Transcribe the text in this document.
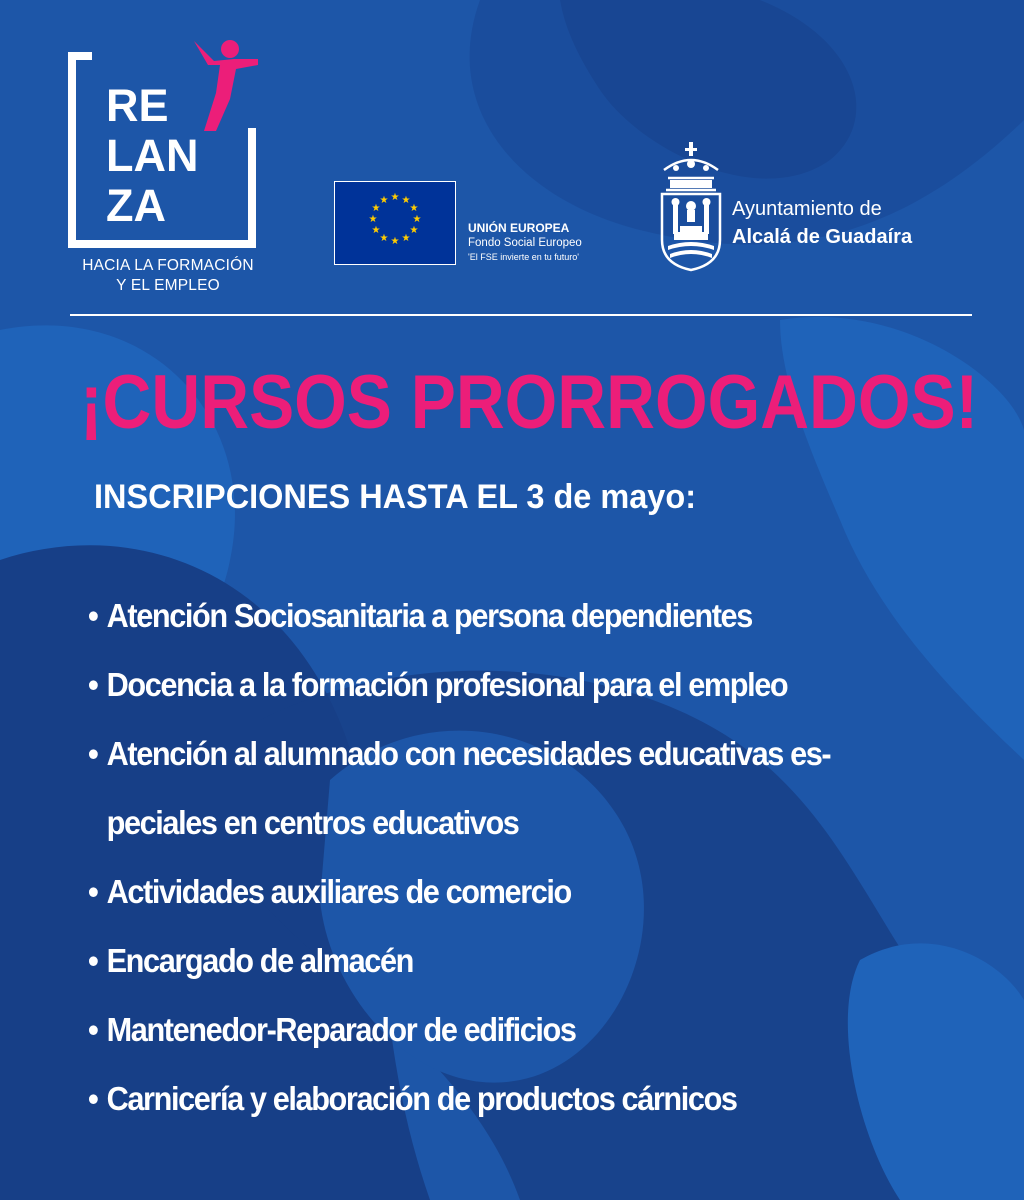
RE
LAN
ZA
HACIA LA FORMACIÓN
Y EL EMPLEO
★ ★
★
★
★
★
★
★
★
★
★
★
UNIÓN EUROPEA
Fondo Social Europeo
'El FSE invierte en tu futuro'
Ayuntamiento de
Alcalá de Guadaíra
¡CURSOS PRORROGADOS!
INSCRIPCIONES HASTA EL 3 de mayo:
• Atención Sociosanitaria a persona dependientes
• Docencia a la formación profesional para el empleo
• Atención al alumnado con necesidades educativas es-
peciales en centros educativos
• Actividades auxiliares de comercio
• Encargado de almacén
• Mantenedor-Reparador de edificios
• Carnicería y elaboración de productos cárnicos
